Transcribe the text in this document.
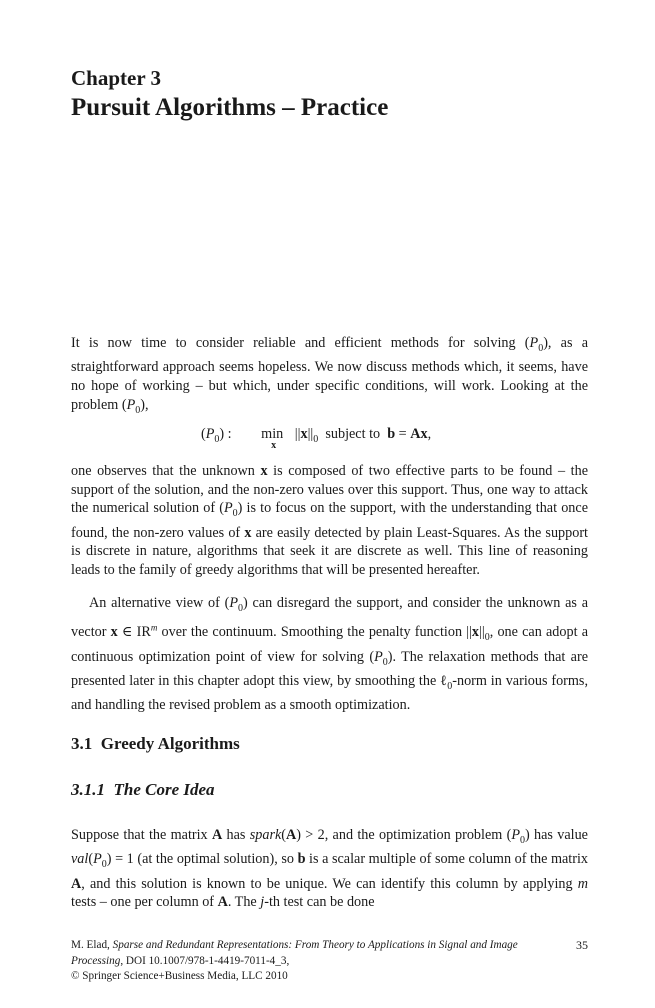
Chapter 3
Pursuit Algorithms – Practice

It is now time to consider reliable and efficient methods for solving $(P_0)$, as a straightforward approach seems hopeless. We now discuss methods which, it seems, have no hope of working – but which, under specific conditions, will work. Looking at the problem $(P_0)$,

$(P_0)$ : min
x
$||x||_0$  subject to  b = Ax,

one observes that the unknown x is composed of two effective parts to be found – the support of the solution, and the non-zero values over this support. Thus, one way to attack the numerical solution of $(P_0)$ is to focus on the support, with the understanding that once found, the non-zero values of x are easily detected by plain Least-Squares. As the support is discrete in nature, algorithms that seek it are discrete as well. This line of reasoning leads to the family of greedy algorithms that will be presented hereafter.

An alternative view of $(P_0)$ can disregard the support, and consider the unknown as a vector x ∈ $IR^m$ over the continuum. Smoothing the penalty function $||x||_0$, one can adopt a continuous optimization point of view for solving $(P_0)$. The relaxation methods that are presented later in this chapter adopt this view, by smoothing the ℓ$_0$-norm in various forms, and handling the revised problem as a smooth optimization.

3.1 Greedy Algorithms
3.1.1 The Core Idea

Suppose that the matrix A has spark(A) > 2, and the optimization problem $(P_0)$ has value $val(P_0) = 1$ (at the optimal solution), so b is a scalar multiple of some column of the matrix A, and this solution is known to be unique. We can identify this column by applying m tests – one per column of A. The j-th test can be done

M. Elad, Sparse and Redundant Representations: From Theory to Applications in Signal and Image Processing, DOI 10.1007/978-1-4419-7011-4_3,
© Springer Science+Business Media, LLC 2010
35
